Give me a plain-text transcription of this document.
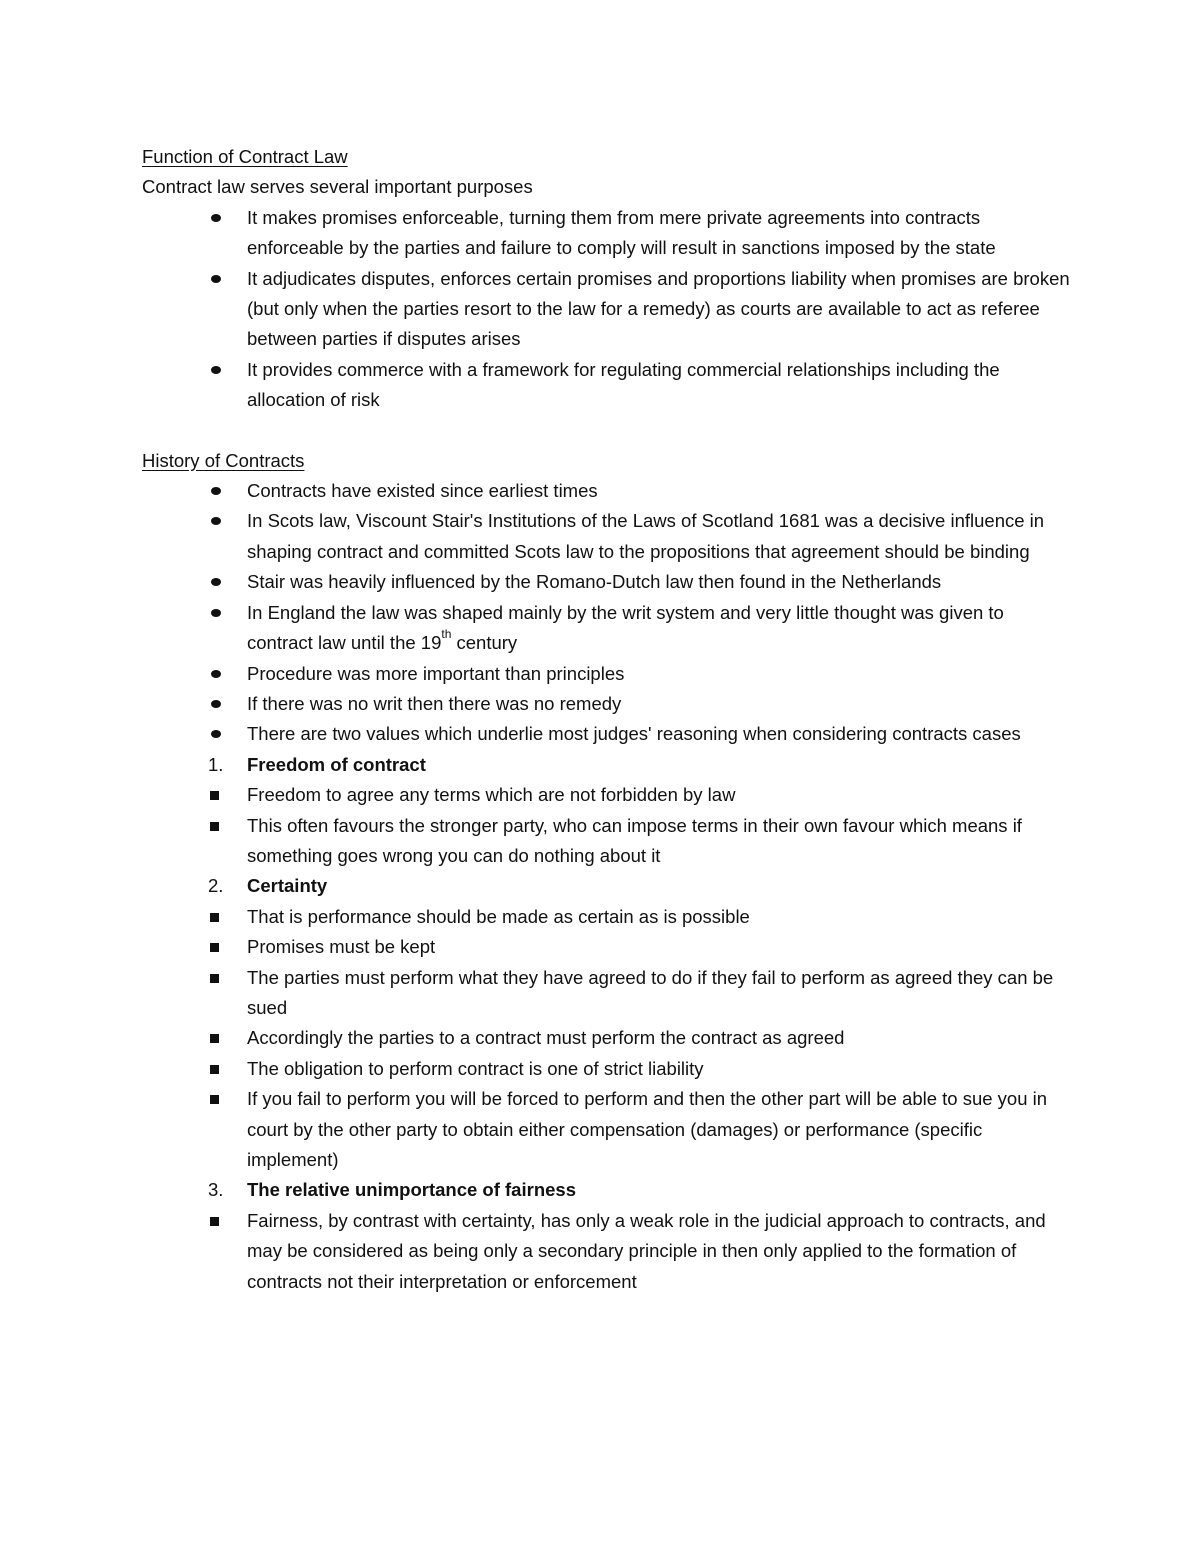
Function of Contract Law

Contract law serves several important purposes

It makes promises enforceable, turning them from mere private agreements into contracts enforceable by the parties and failure to comply will result in sanctions imposed by the state
It adjudicates disputes, enforces certain promises and proportions liability when promises are broken (but only when the parties resort to the law for a remedy) as courts are available to act as referee between parties if disputes arises
It provides commerce with a framework for regulating commercial relationships including the allocation of risk

History of Contracts

Contracts have existed since earliest times
In Scots law, Viscount Stair's Institutions of the Laws of Scotland 1681 was a decisive influence in shaping contract and committed Scots law to the propositions that agreement should be binding
Stair was heavily influenced by the Romano-Dutch law then found in the Netherlands
In England the law was shaped mainly by the writ system and very little thought was given to contract law until the 19th century
Procedure was more important than principles
If there was no writ then there was no remedy
There are two values which underlie most judges' reasoning when considering contracts cases
1. Freedom of contract
Freedom to agree any terms which are not forbidden by law
This often favours the stronger party, who can impose terms in their own favour which means if something goes wrong you can do nothing about it
2. Certainty
That is performance should be made as certain as is possible
Promises must be kept
The parties must perform what they have agreed to do if they fail to perform as agreed they can be sued
Accordingly the parties to a contract must perform the contract as agreed
The obligation to perform contract is one of strict liability
If you fail to perform you will be forced to perform and then the other part will be able to sue you in court by the other party to obtain either compensation (damages) or performance (specific implement)
3. The relative unimportance of fairness
Fairness, by contrast with certainty, has only a weak role in the judicial approach to contracts, and may be considered as being only a secondary principle in then only applied to the formation of contracts not their interpretation or enforcement
